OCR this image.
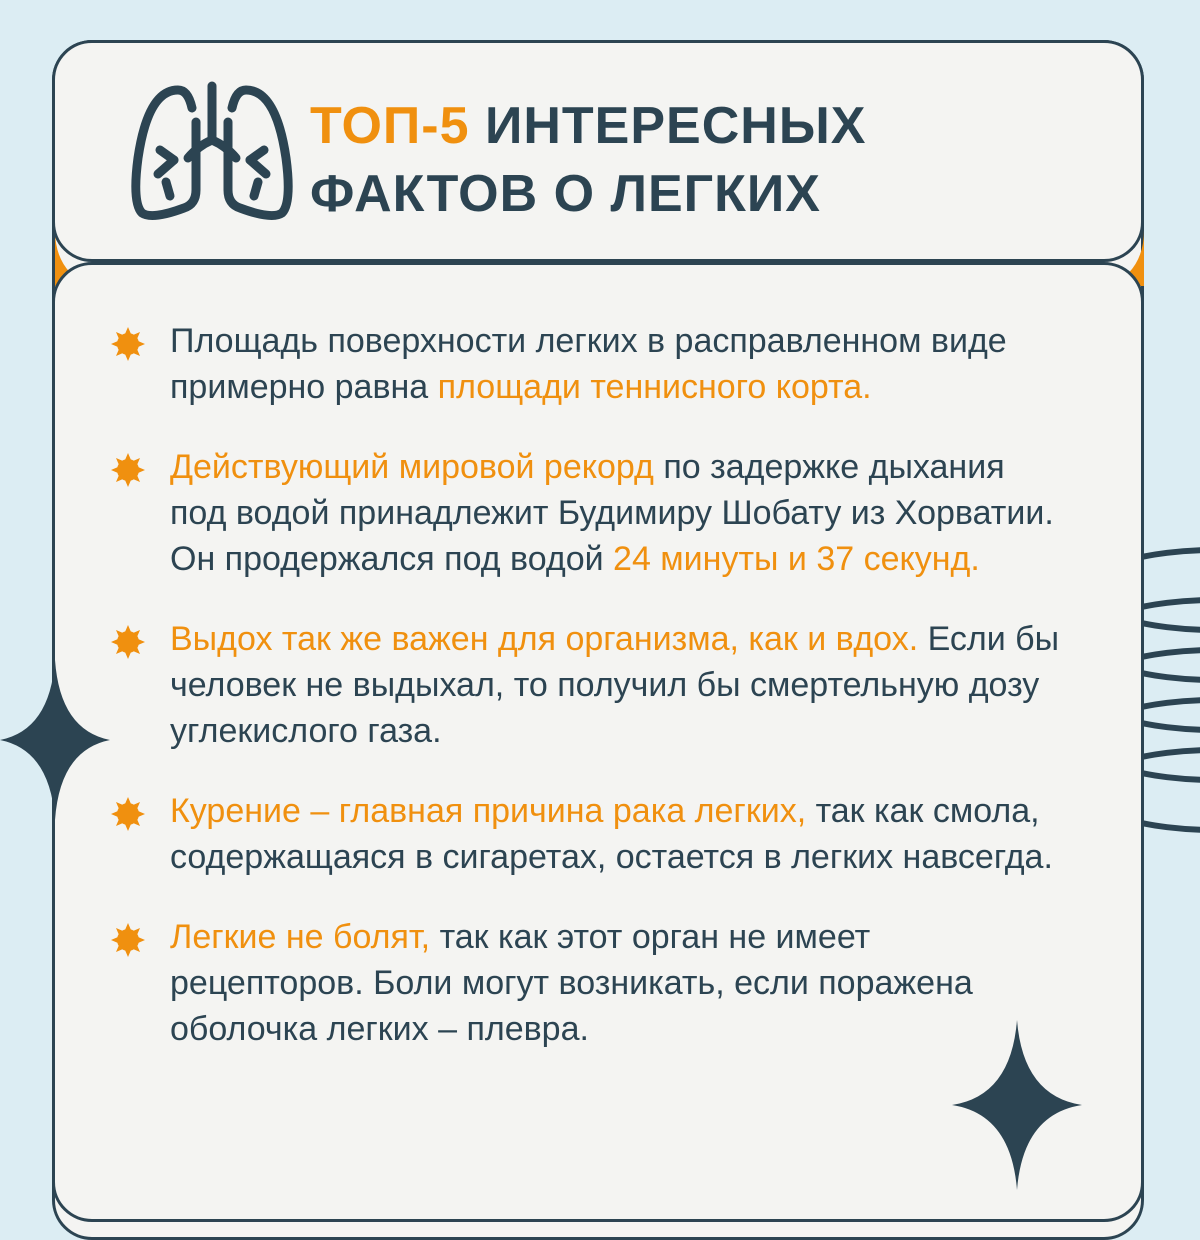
ТОП-5 ИНТЕРЕСНЫХ
ФАКТОВ О ЛЕГКИХ
Площадь поверхности легких в расправленном виде примерно равна площади теннисного корта.
Действующий мировой рекорд по задержке дыхания под водой принадлежит Будимиру Шобату из Хорватии. Он продержался под водой 24 минуты и 37 секунд.
Выдох так же важен для организма, как и вдох. Если бы человек не выдыхал, то получил бы смертельную дозу углекислого газа.
Курение – главная причина рака легких, так как смола, содержащаяся в сигаретах, остается в легких навсегда.
Легкие не болят, так как этот орган не имеет рецепторов. Боли могут возникать, если поражена оболочка легких – плевра.
